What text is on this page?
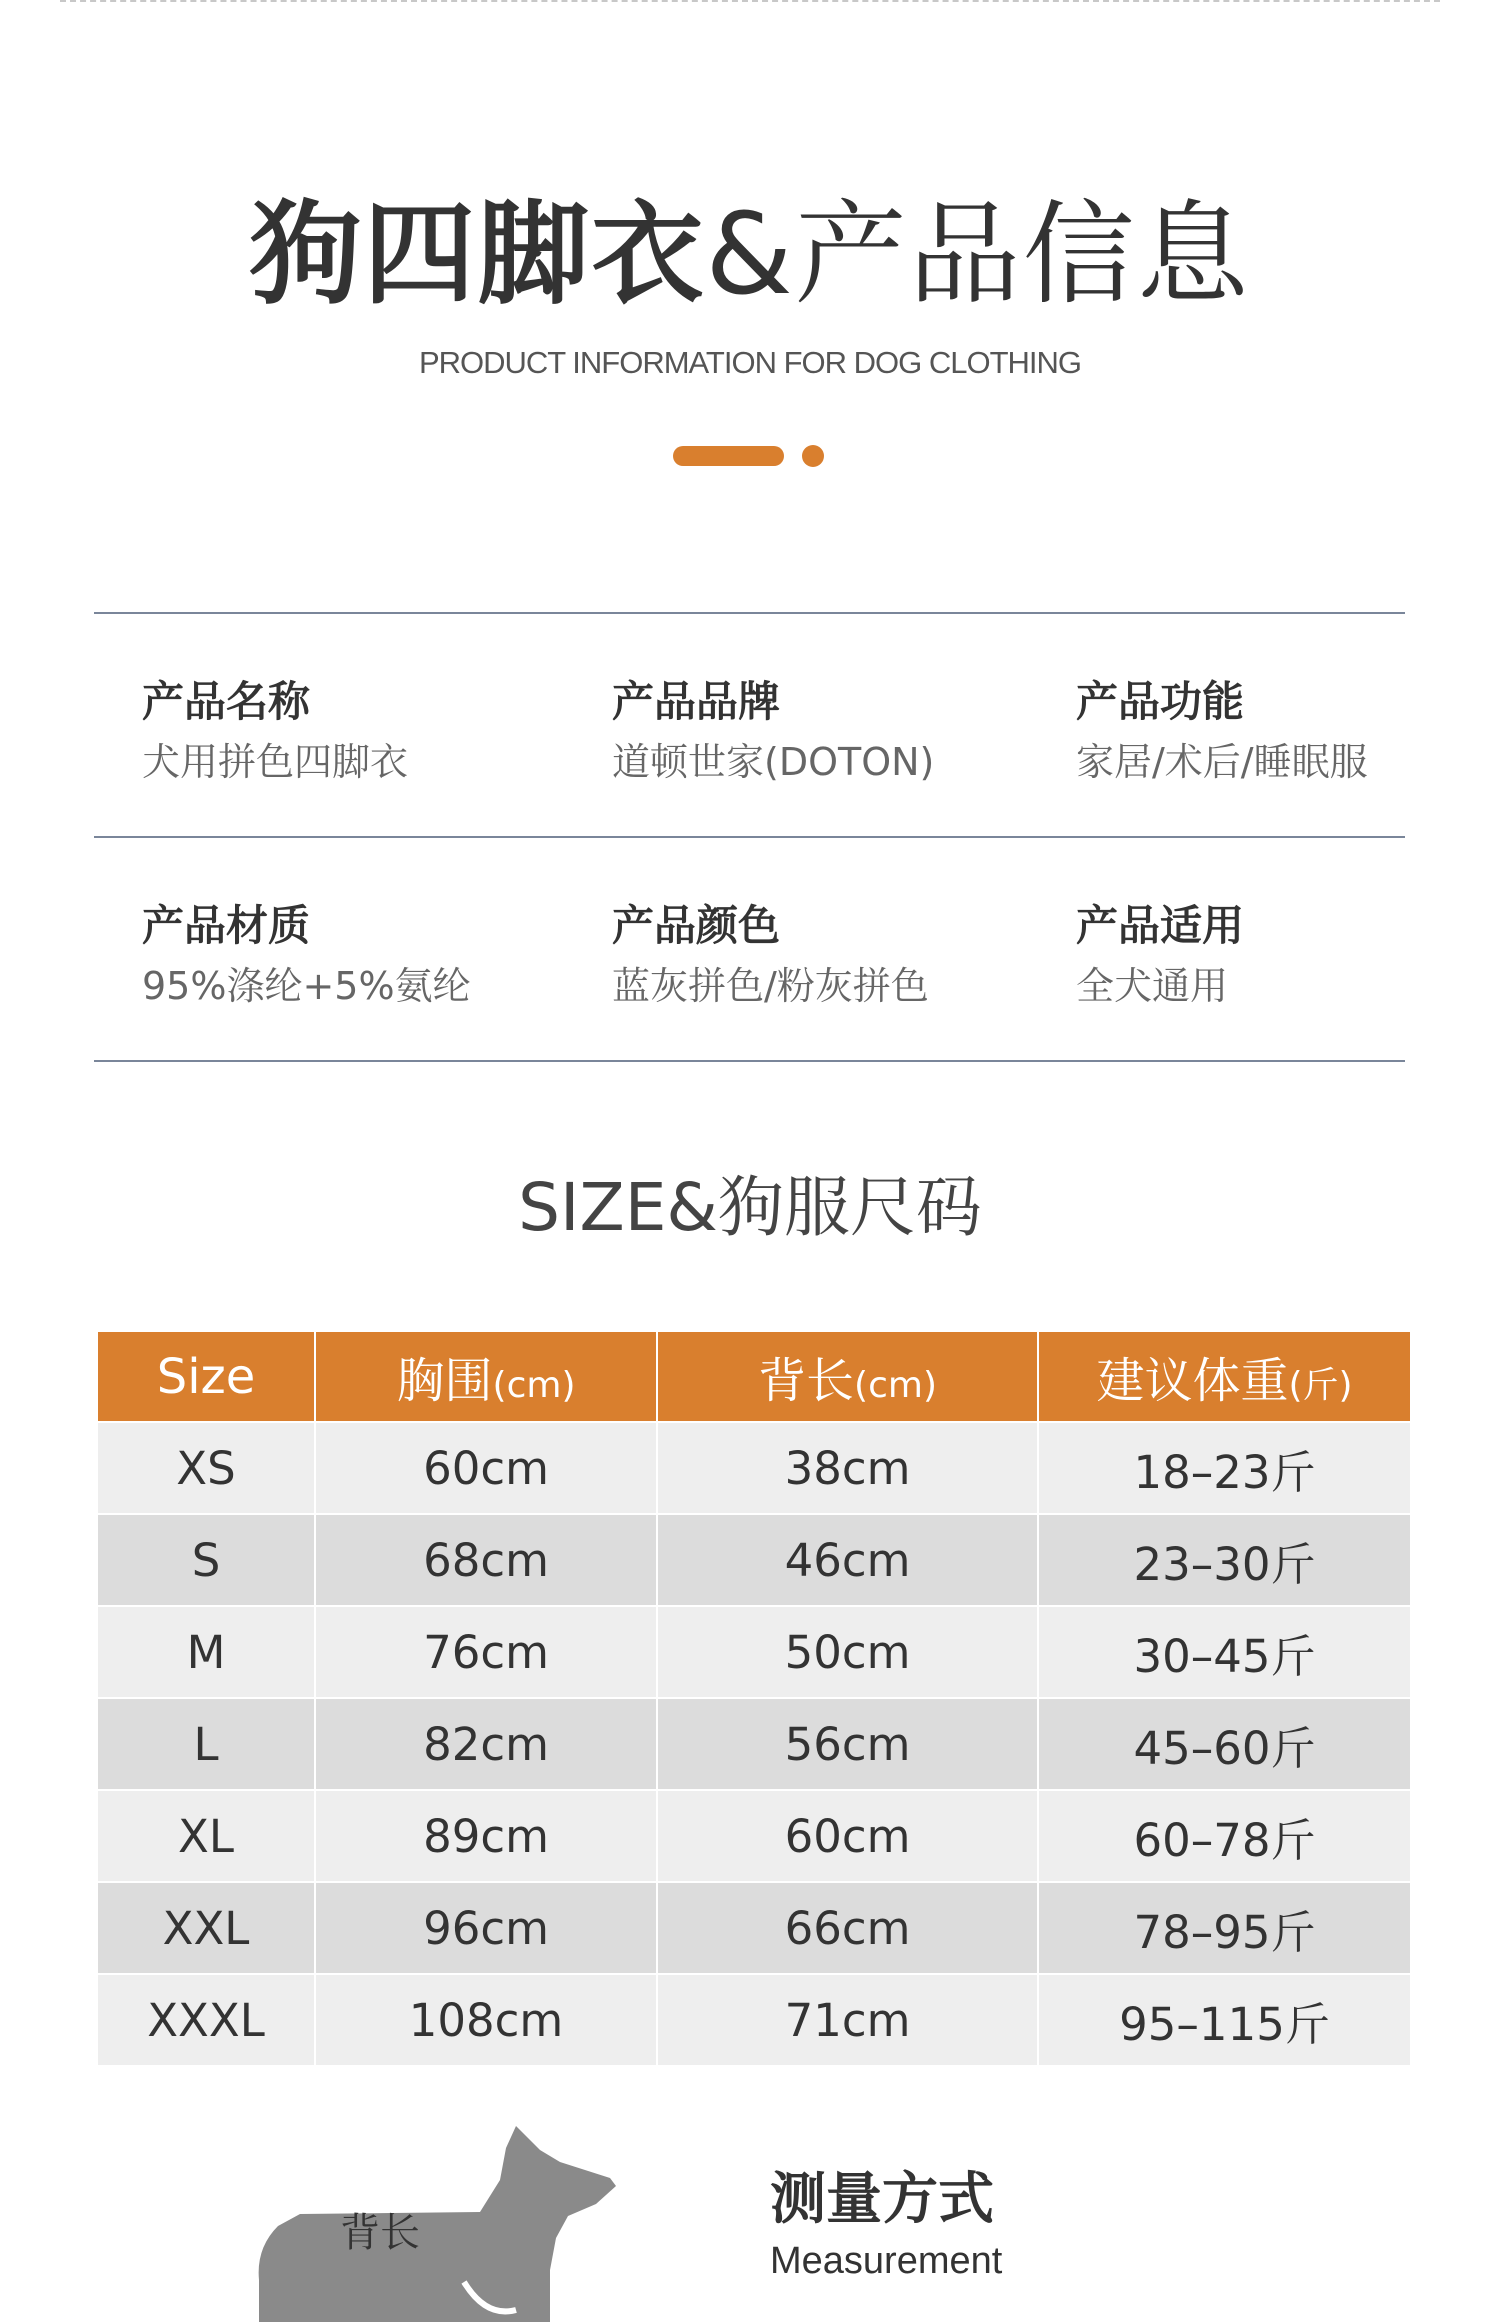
狗四脚衣&产品信息
PRODUCT INFORMATION FOR DOG CLOTHING
产品名称
犬用拼色四脚衣
产品品牌
道顿世家(DOTON)
产品功能
家居/术后/睡眠服
产品材质
95%涤纶+5%氨纶
产品颜色
蓝灰拼色/粉灰拼色
产品适用
全犬通用
SIZE&狗服尺码
Size	胸围(cm)	背长(cm)	建议体重(斤)
XS	60cm	38cm	18–23斤
S	68cm	46cm	23–30斤
M	76cm	50cm	30–45斤
L	82cm	56cm	45–60斤
XL	89cm	60cm	60–78斤
XXL	96cm	66cm	78–95斤
XXXL	108cm	71cm	95–115斤
背长
测量方式
Measurement
